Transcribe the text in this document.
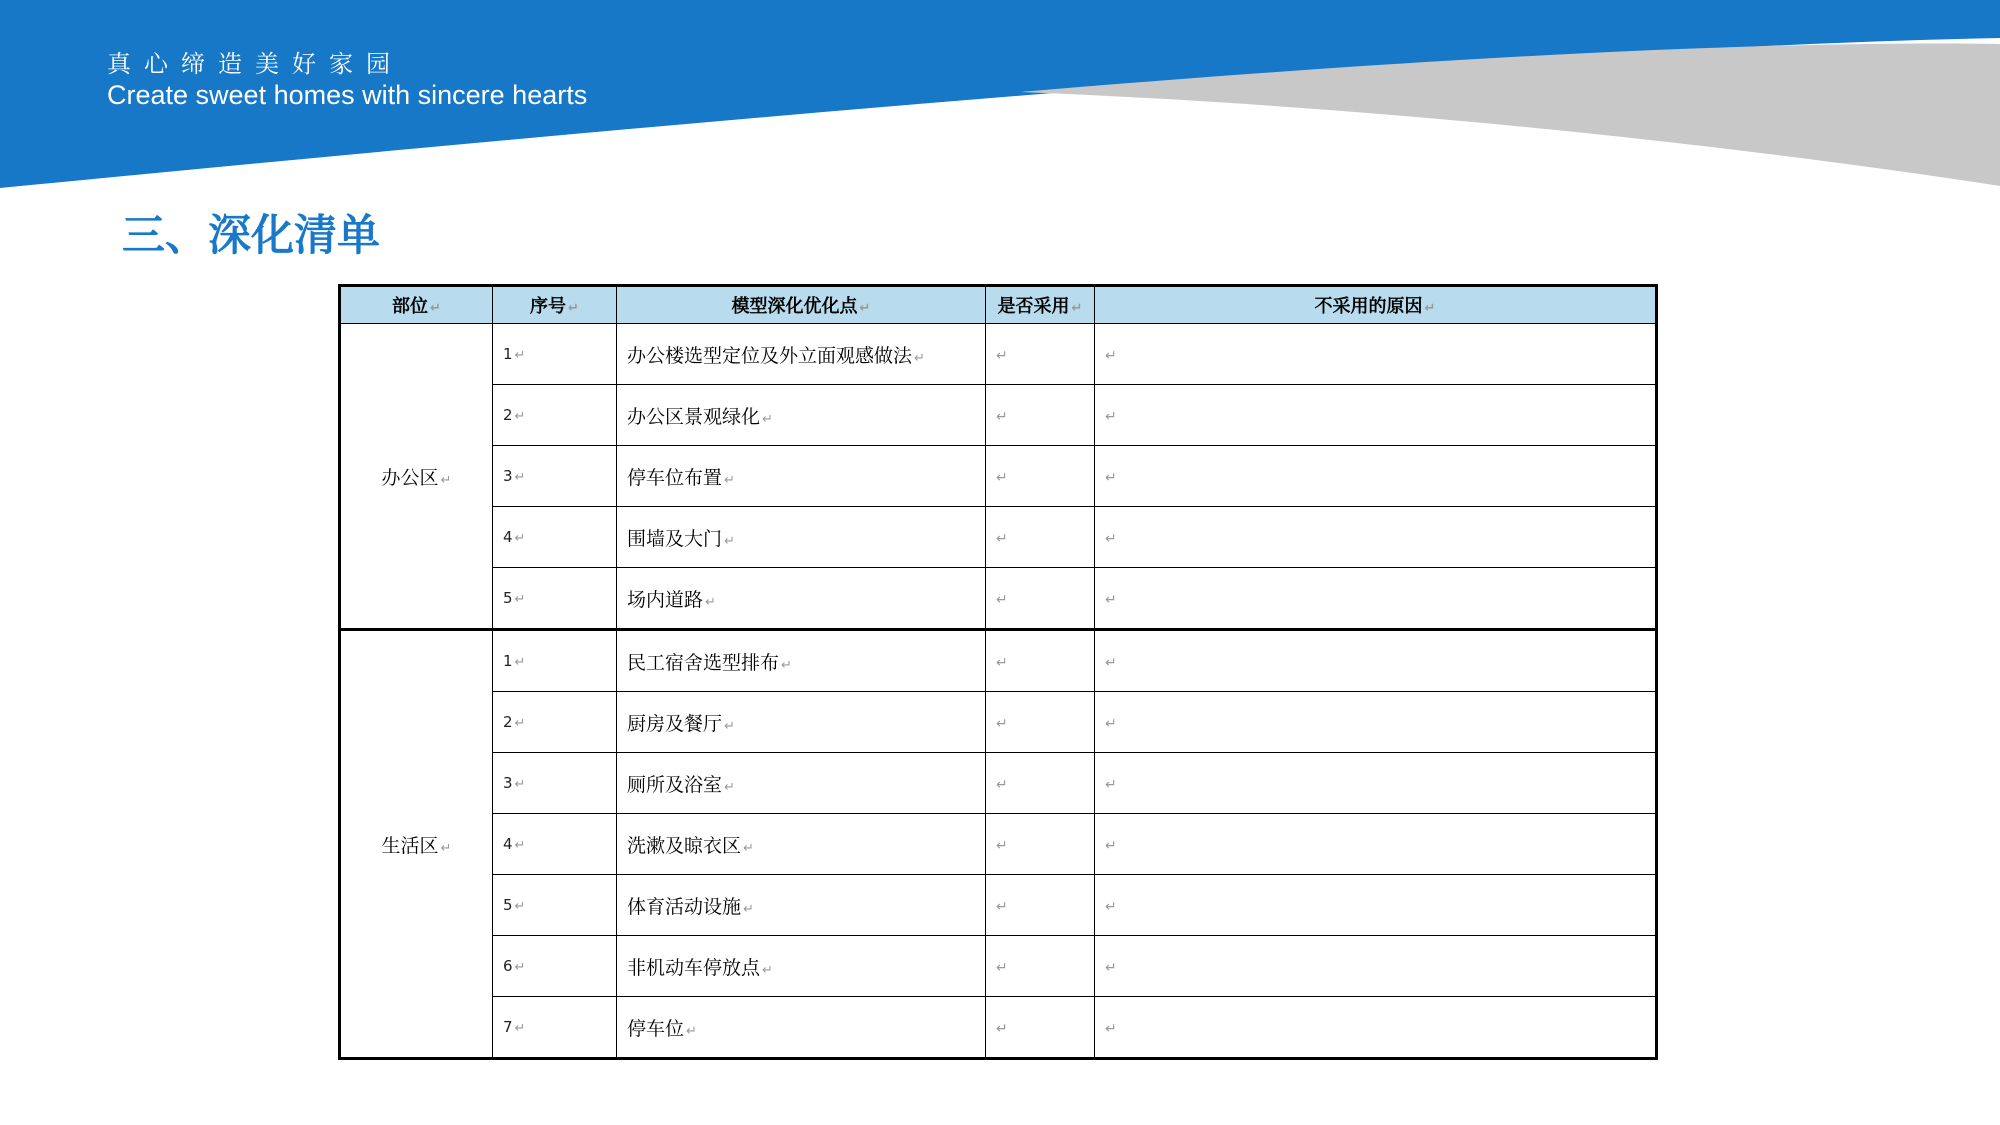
真心缔造美好家园
Create sweet homes with sincere hearts
三、深化清单
部位 ↵	序号 ↵	模型深化优化点 ↵	是否采用 ↵	不采用的原因 ↵
办公区 ↵	1 ↵	办公楼选型定位及外立面观感做法 ↵	↵	↵
	2 ↵	办公区景观绿化 ↵	↵	↵
	3 ↵	停车位布置 ↵	↵	↵
	4 ↵	围墙及大门 ↵	↵	↵
	5 ↵	场内道路 ↵	↵	↵
生活区 ↵	1 ↵	民工宿舍选型排布 ↵	↵	↵
	2 ↵	厨房及餐厅 ↵	↵	↵
	3 ↵	厕所及浴室 ↵	↵	↵
	4 ↵	洗漱及晾衣区 ↵	↵	↵
	5 ↵	体育活动设施 ↵	↵	↵
	6 ↵	非机动车停放点 ↵	↵	↵
	7 ↵	停车位 ↵	↵	↵
